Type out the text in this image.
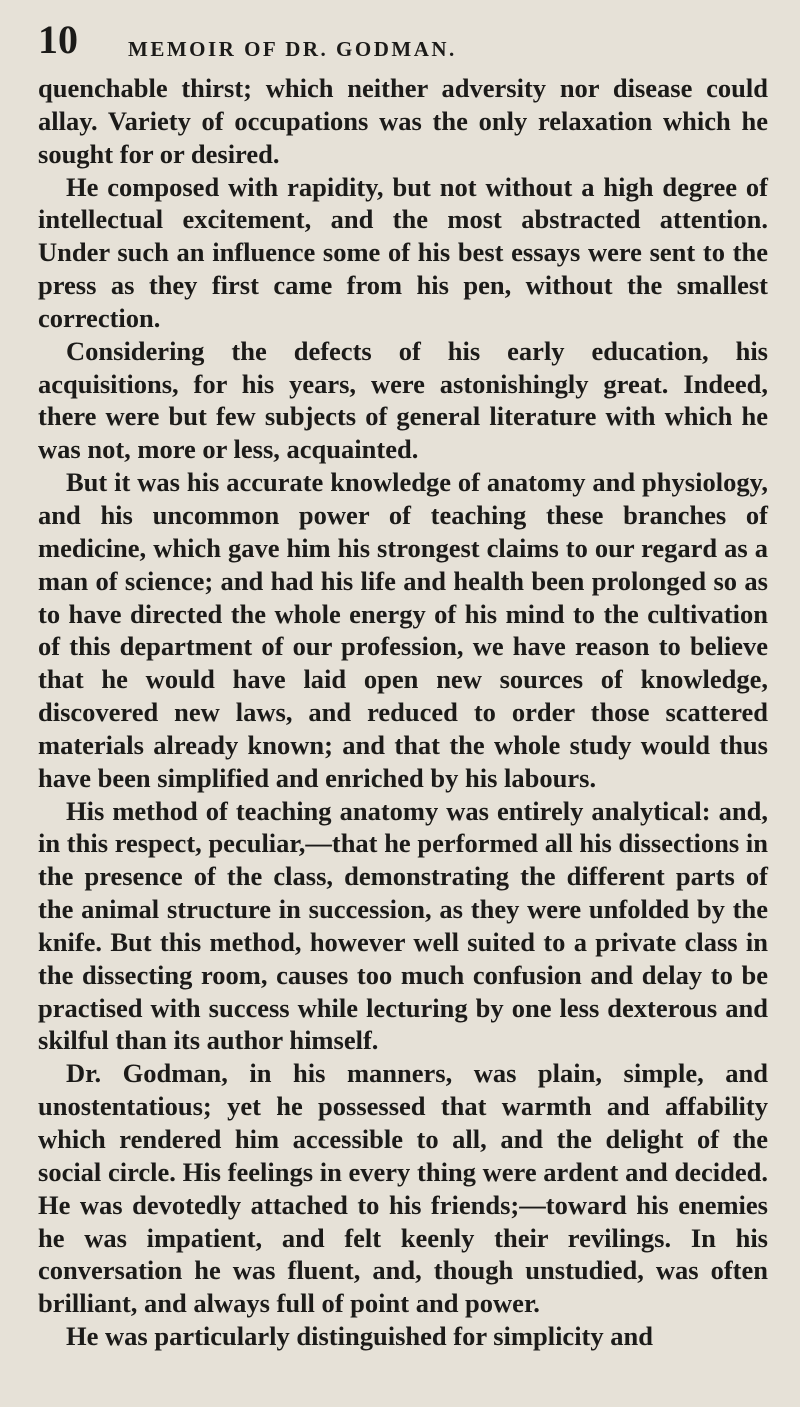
10 MEMOIR OF DR. GODMAN.

quenchable thirst; which neither adversity nor disease could allay. Variety of occupations was the only relaxation which he sought for or desired.

He composed with rapidity, but not without a high degree of intellectual excitement, and the most abstracted attention. Under such an influence some of his best essays were sent to the press as they first came from his pen, without the smallest correction.

Considering the defects of his early education, his acquisitions, for his years, were astonishingly great. Indeed, there were but few subjects of general literature with which he was not, more or less, acquainted.

But it was his accurate knowledge of anatomy and physiology, and his uncommon power of teaching these branches of medicine, which gave him his strongest claims to our regard as a man of science; and had his life and health been prolonged so as to have directed the whole energy of his mind to the cultivation of this department of our profession, we have reason to believe that he would have laid open new sources of knowledge, discovered new laws, and reduced to order those scattered materials already known; and that the whole study would thus have been simplified and enriched by his labours.

His method of teaching anatomy was entirely analytical: and, in this respect, peculiar,—that he performed all his dissections in the presence of the class, demonstrating the different parts of the animal structure in succession, as they were unfolded by the knife. But this method, however well suited to a private class in the dissecting room, causes too much confusion and delay to be practised with success while lecturing by one less dexterous and skilful than its author himself.

Dr. Godman, in his manners, was plain, simple, and unostentatious; yet he possessed that warmth and affability which rendered him accessible to all, and the delight of the social circle. His feelings in every thing were ardent and decided. He was devotedly attached to his friends;—toward his enemies he was impatient, and felt keenly their revilings. In his conversation he was fluent, and, though unstudied, was often brilliant, and always full of point and power.

He was particularly distinguished for simplicity and
